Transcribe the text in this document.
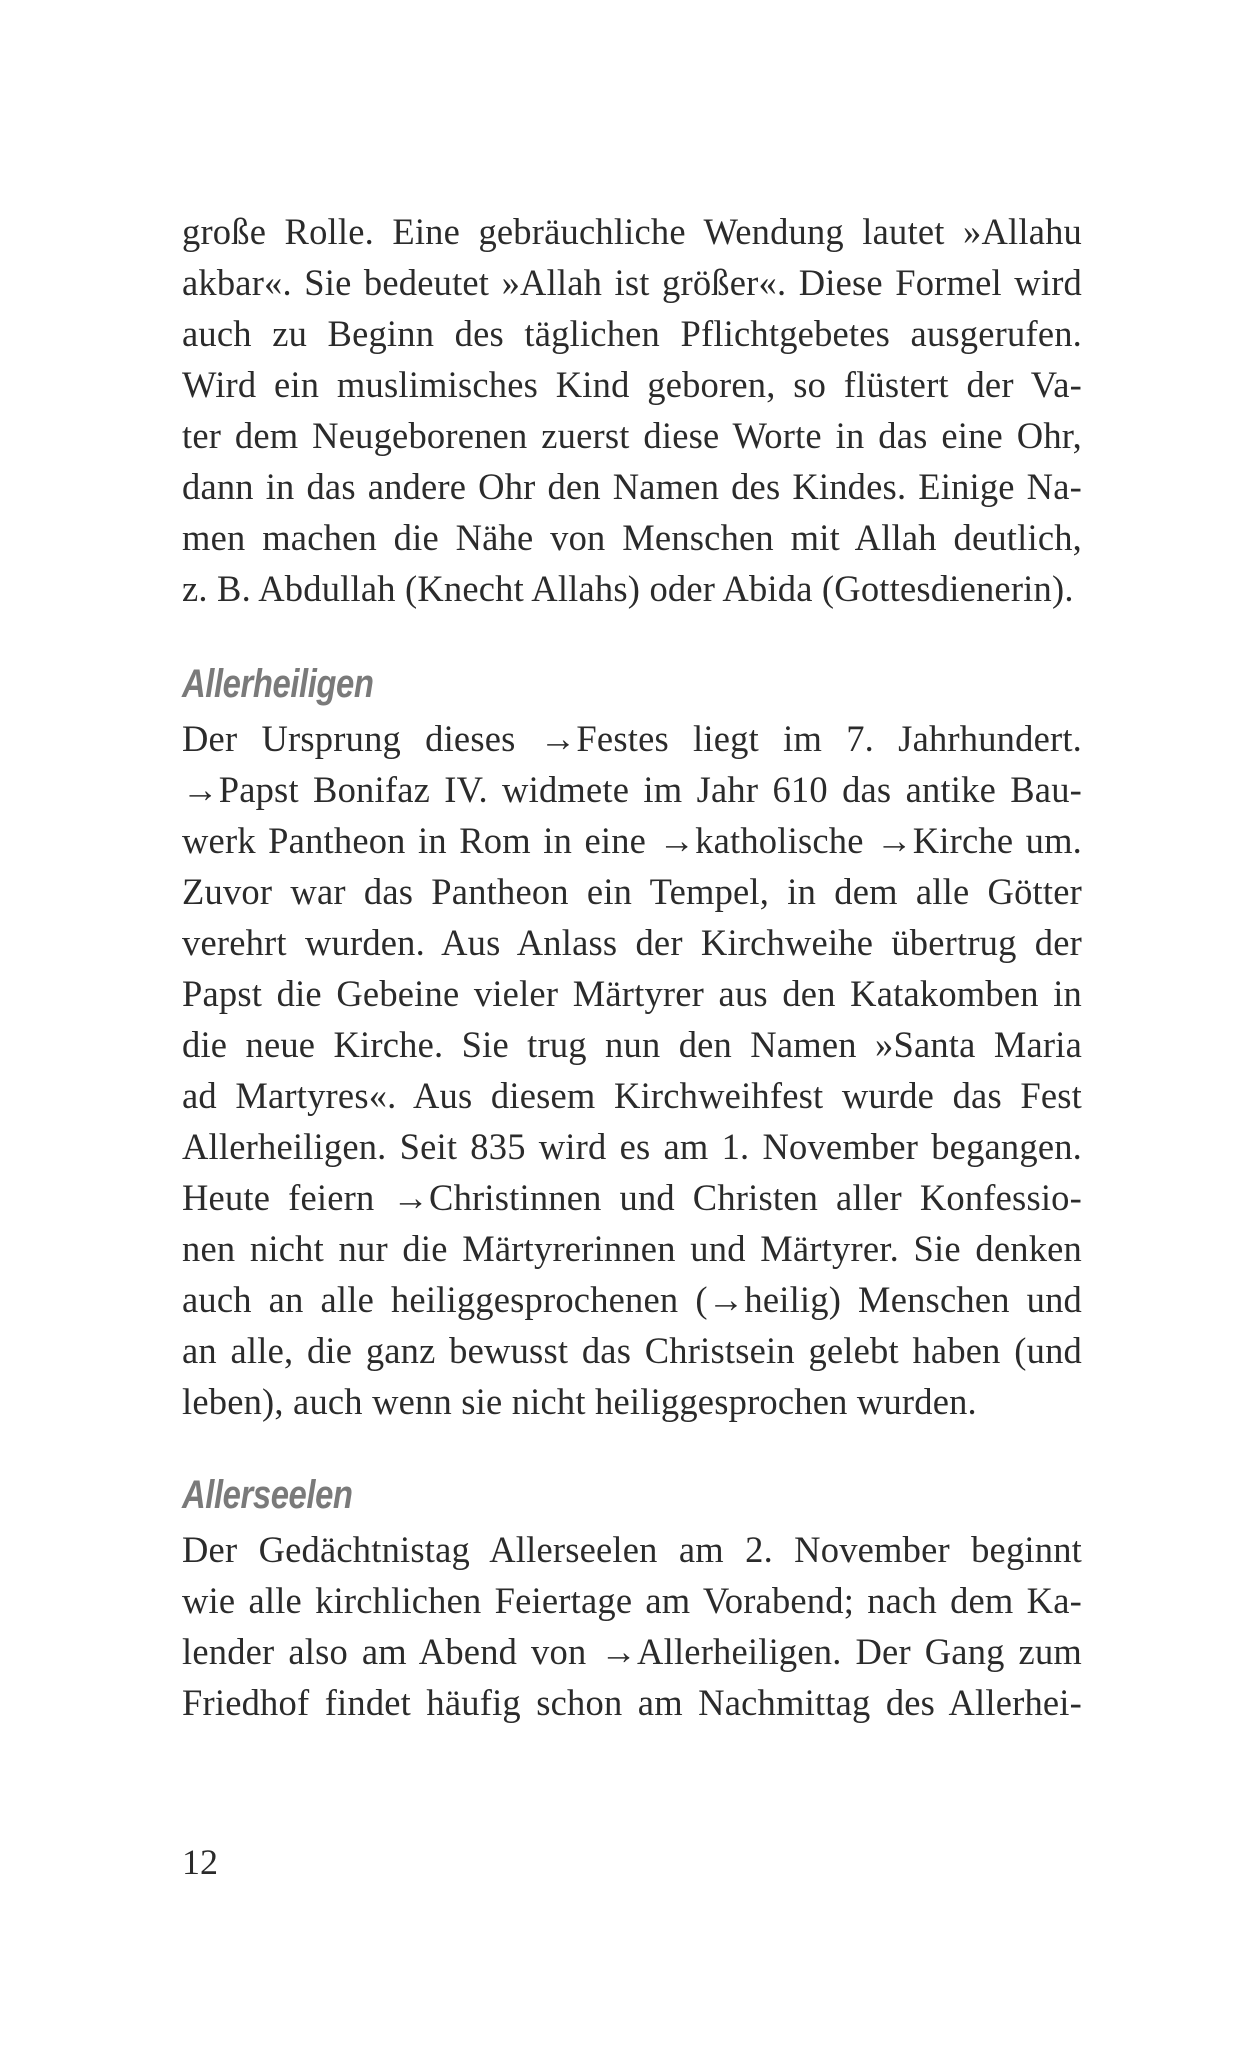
große Rolle. Eine gebräuchliche Wendung lautet »Allahu
akbar«. Sie bedeutet »Allah ist größer«. Diese Formel wird
auch zu Beginn des täglichen Pflichtgebetes ausgerufen.
Wird ein muslimisches Kind geboren, so flüstert der Va-
ter dem Neugeborenen zuerst diese Worte in das eine Ohr,
dann in das andere Ohr den Namen des Kindes. Einige Na-
men machen die Nähe von Menschen mit Allah deutlich,
z. B. Abdullah (Knecht Allahs) oder Abida (Gottesdienerin).
Allerheiligen
Der Ursprung dieses →Festes liegt im 7. Jahrhundert.
→Papst Bonifaz IV. widmete im Jahr 610 das antike Bau-
werk Pantheon in Rom in eine →katholische →Kirche um.
Zuvor war das Pantheon ein Tempel, in dem alle Götter
verehrt wurden. Aus Anlass der Kirchweihe übertrug der
Papst die Gebeine vieler Märtyrer aus den Katakomben in
die neue Kirche. Sie trug nun den Namen »Santa Maria
ad Martyres«. Aus diesem Kirchweihfest wurde das Fest
Allerheiligen. Seit 835 wird es am 1. November begangen.
Heute feiern →Christinnen und Christen aller Konfessio-
nen nicht nur die Märtyrerinnen und Märtyrer. Sie denken
auch an alle heiliggesprochenen (→heilig) Menschen und
an alle, die ganz bewusst das Christsein gelebt haben (und
leben), auch wenn sie nicht heiliggesprochen wurden.
Allerseelen
Der Gedächtnistag Allerseelen am 2. November beginnt
wie alle kirchlichen Feiertage am Vorabend; nach dem Ka-
lender also am Abend von →Allerheiligen. Der Gang zum
Friedhof findet häufig schon am Nachmittag des Allerhei-
12
